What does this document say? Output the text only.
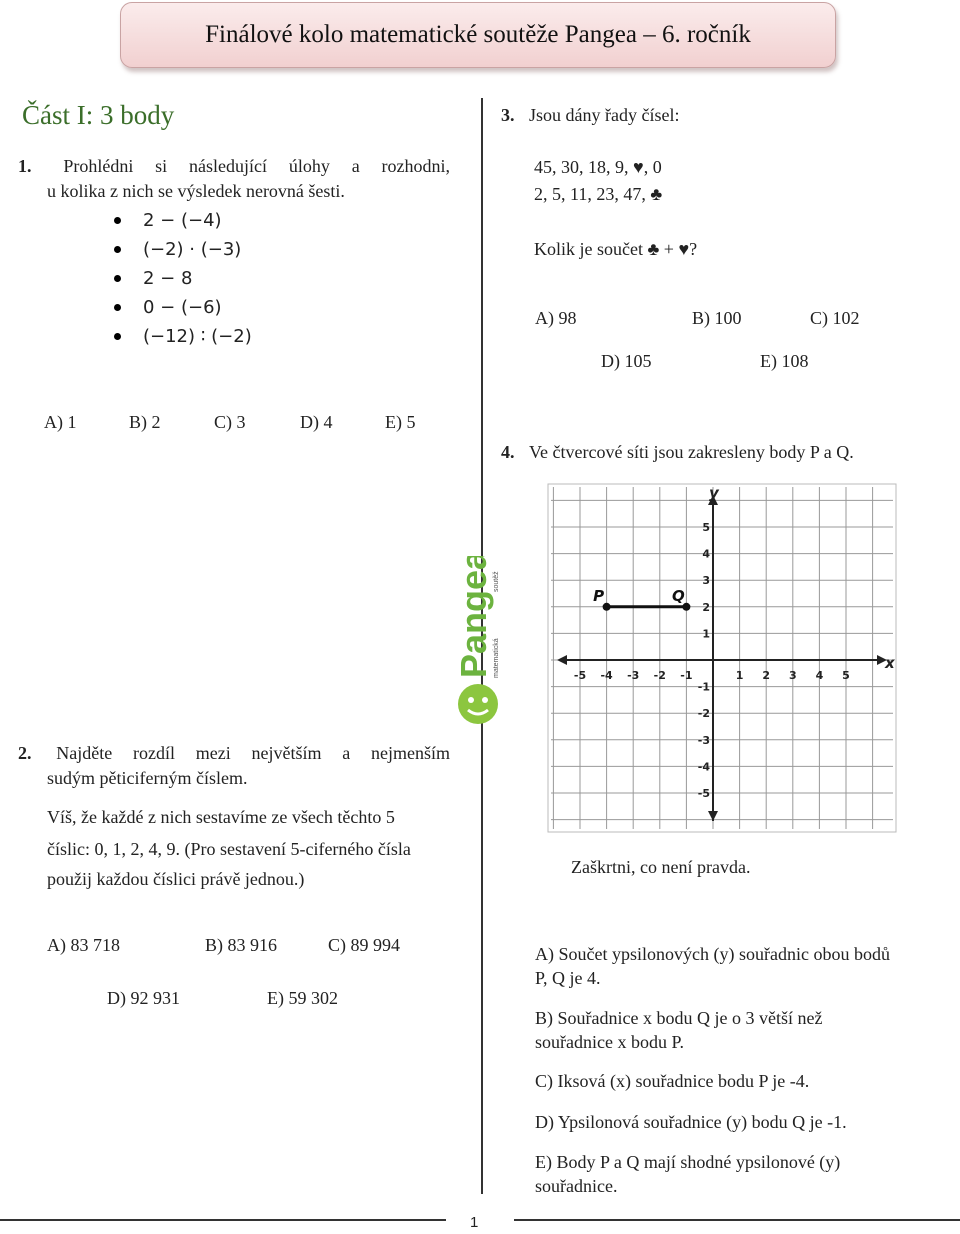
Finálové kolo matematické soutěže Pangea – 6. ročník
Část I: 3 body
1. Prohlédni si následující úlohy a rozhodni,
u kolika z nich se výsledek nerovná šesti.
2 − (−4)
(−2) · (−3)
2 − 8
0 − (−6)
(−12) ∶ (−2)
A) 1	B) 2	C) 3	D) 4	E) 5
Pangea soutěž
matematická
2. Najděte rozdíl mezi největším a nejmenším
sudým pěticiferným číslem.
Víš, že každé z nich sestavíme ze všech těchto 5
číslic: 0, 1, 2, 4, 9. (Pro sestavení 5-ciferného čísla
použij každou číslici právě jednou.)
A) 83 718	B) 83 916	C) 89 994
D) 92 931	E) 59 302
3. Jsou dány řady čísel:
45, 30, 18, 9, ♥, 0
2, 5, 11, 23, 47, ♣
Kolik je součet ♣ + ♥?
A) 98	B) 100	C) 102
D) 105	E) 108
4. Ve čtvercové síti jsou zakresleny body P a Q.
x
y
-5 -4 -3 -2 -1	1 2 3 4 5
-5
-4
-3
-2
-1
1
2
3
4
5
P	Q
Zaškrtni, co není pravda.
A) Součet ypsilonových (y) souřadnic obou bodů
P, Q je 4.
B) Souřadnice x bodu Q je o 3 větší než
souřadnice x bodu P.
C) Iksová (x) souřadnice bodu P je -4.
D) Ypsilonová souřadnice (y) bodu Q je -1.
E) Body P a Q mají shodné ypsilonové (y)
souřadnice.
1
